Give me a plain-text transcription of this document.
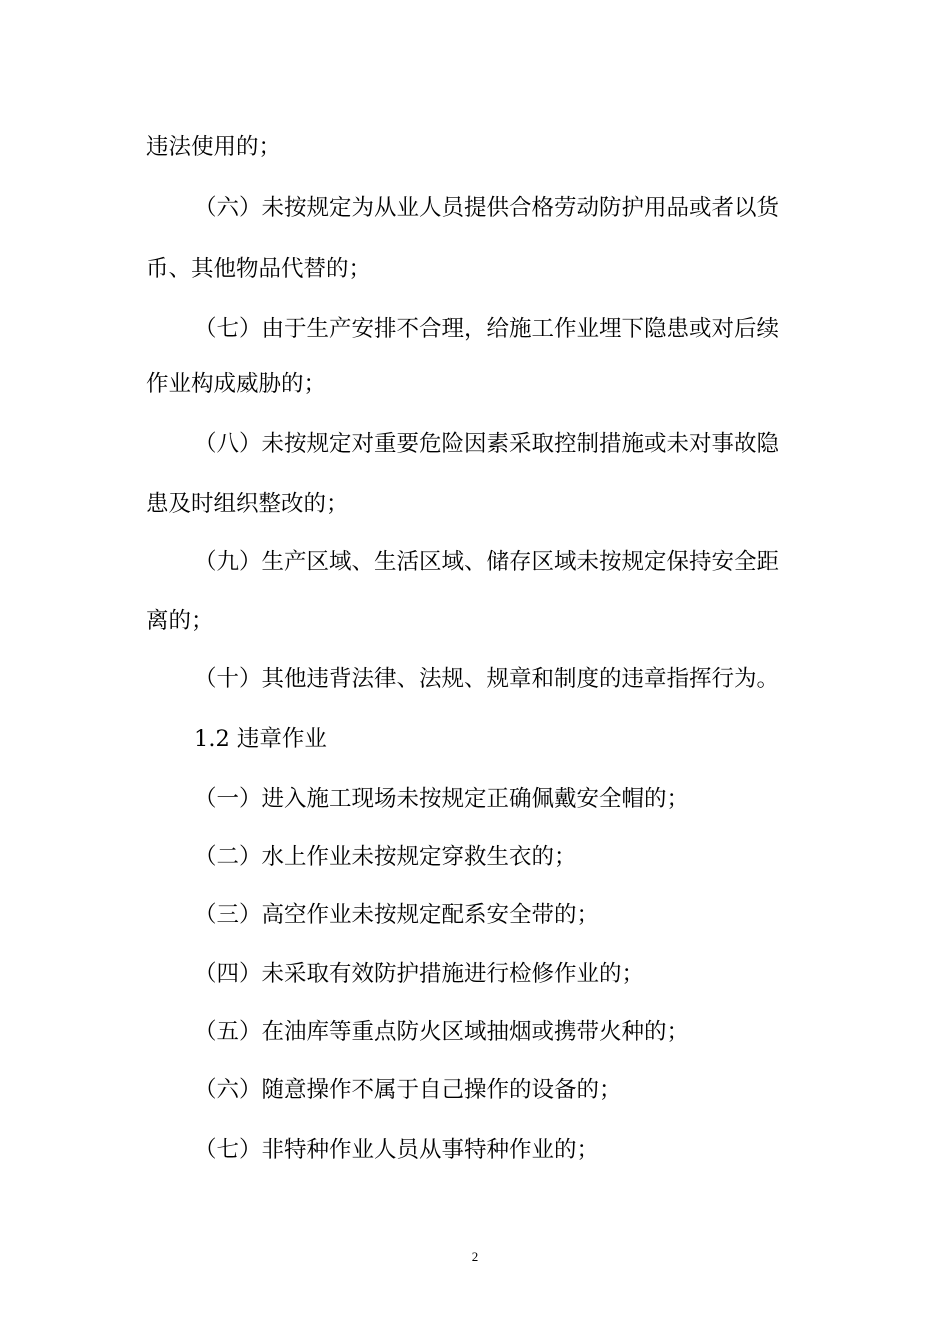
违法使用的；
（六）未按规定为从业人员提供合格劳动防护用品或者以货
币、其他物品代替的；
（七）由于生产安排不合理，给施工作业埋下隐患或对后续
作业构成威胁的；
（八）未按规定对重要危险因素采取控制措施或未对事故隐
患及时组织整改的；
（九）生产区域、生活区域、储存区域未按规定保持安全距
离的；
（十）其他违背法律、法规、规章和制度的违章指挥行为。
1.2 违章作业
（一）进入施工现场未按规定正确佩戴安全帽的；
（二）水上作业未按规定穿救生衣的；
（三）高空作业未按规定配系安全带的；
（四）未采取有效防护措施进行检修作业的；
（五）在油库等重点防火区域抽烟或携带火种的；
（六）随意操作不属于自己操作的设备的；
（七）非特种作业人员从事特种作业的；
2
